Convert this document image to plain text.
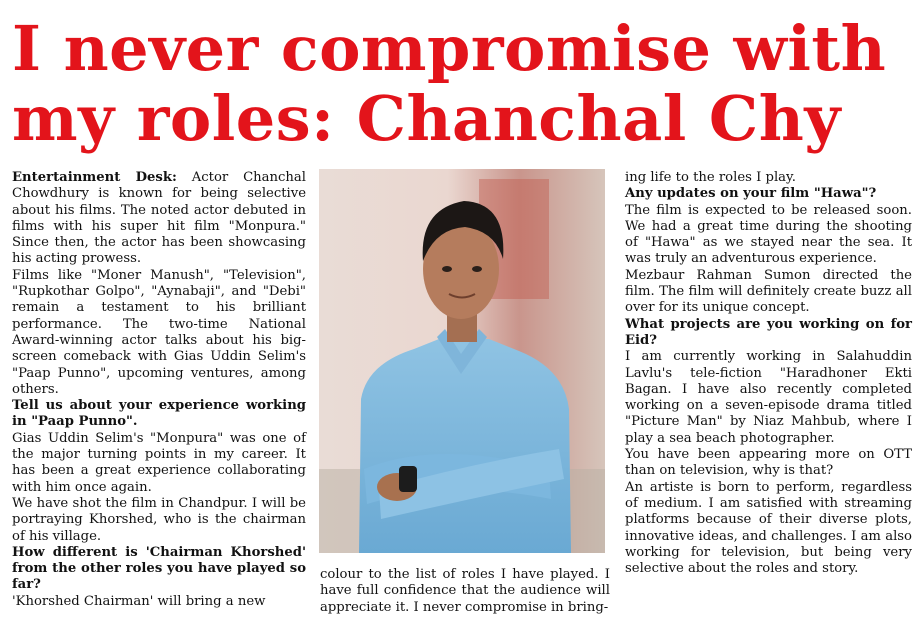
I never compromise with
my roles: Chanchal Chy

Entertainment Desk: Actor Chanchal Chowdhury is known for being selective about his films. The noted actor debuted in films with his super hit film "Monpura." Since then, the actor has been showcasing his acting prowess.

Films like "Moner Manush", "Television", "Rupkothar Golpo", "Aynabaji", and "Debi" remain a testament to his brilliant performance. The two-time National Award-winning actor talks about his big-screen comeback with Gias Uddin Selim's "Paap Punno", upcoming ventures, among others.

Tell us about your experience working in "Paap Punno".

Gias Uddin Selim's "Monpura" was one of the major turning points in my career. It has been a great experience collaborating with him once again.

We have shot the film in Chandpur. I will be portraying Khorshed, who is the chairman of his village.

How different is 'Chairman Khorshed' from the other roles you have played so far?

'Khorshed Chairman' will bring a new

colour to the list of roles I have played. I have full confidence that the audience will appreciate it. I never compromise in bring-

ing life to the roles I play.

Any updates on your film "Hawa"?

The film is expected to be released soon. We had a great time during the shooting of "Hawa" as we stayed near the sea. It was truly an adventurous experience.

Mezbaur Rahman Sumon directed the film. The film will definitely create buzz all over for its unique concept.

What projects are you working on for Eid?

I am currently working in Salahuddin Lavlu's tele-fiction "Haradhoner Ekti Bagan. I have also recently completed working on a seven-episode drama titled "Picture Man" by Niaz Mahbub, where I play a sea beach photographer.

You have been appearing more on OTT than on television, why is that?

An artiste is born to perform, regardless of medium. I am satisfied with streaming platforms because of their diverse plots, innovative ideas, and challenges. I am also working for television, but being very selective about the roles and story.
